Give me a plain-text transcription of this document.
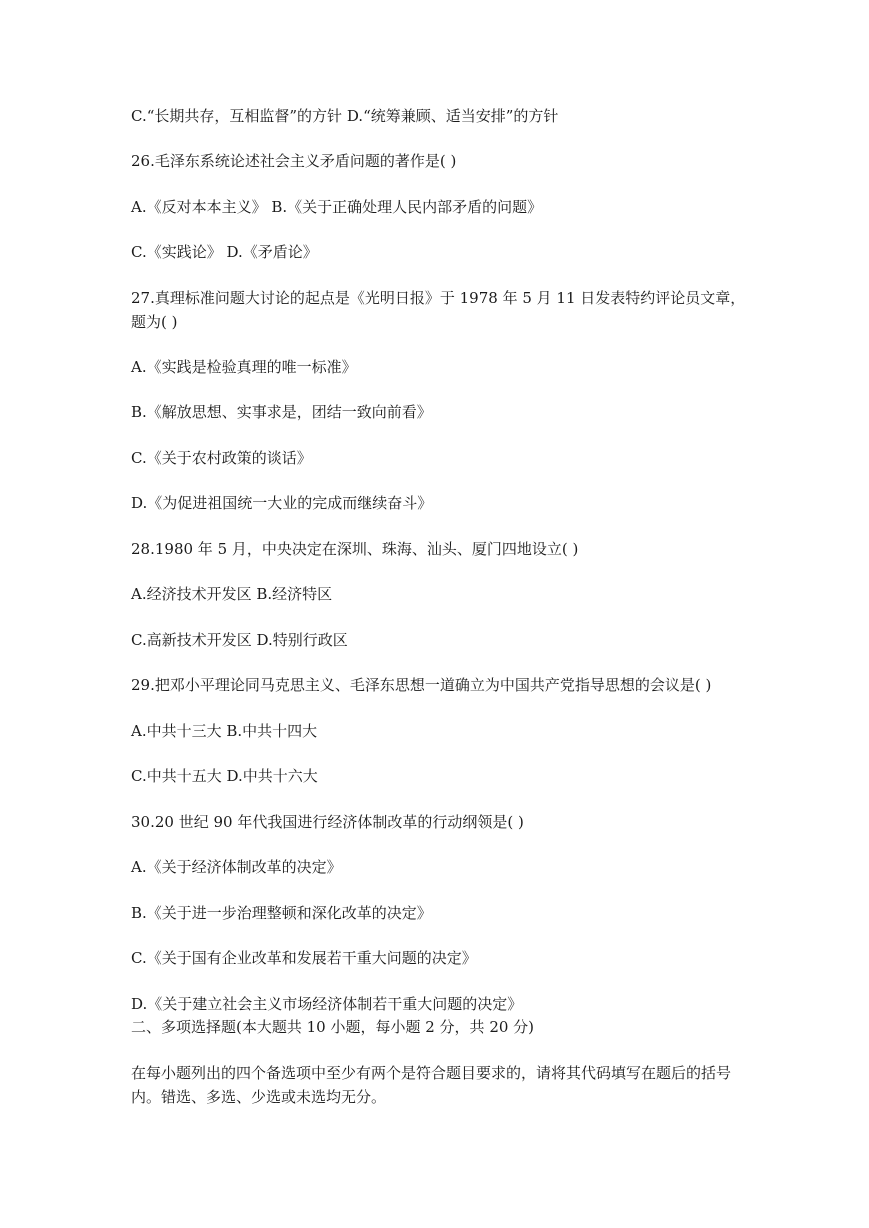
C.“长期共存，互相监督”的方针 D.“统筹兼顾、适当安排”的方针
26.毛泽东系统论述社会主义矛盾问题的著作是( )
A.《反对本本主义》 B.《关于正确处理人民内部矛盾的问题》
C.《实践论》 D.《矛盾论》
27.真理标准问题大讨论的起点是《光明日报》于 1978 年 5 月 11 日发表特约评论员文章，题为( )
A.《实践是检验真理的唯一标准》
B.《解放思想、实事求是，团结一致向前看》
C.《关于农村政策的谈话》
D.《为促进祖国统一大业的完成而继续奋斗》
28.1980 年 5 月，中央决定在深圳、珠海、汕头、厦门四地设立( )
A.经济技术开发区 B.经济特区
C.高新技术开发区 D.特别行政区
29.把邓小平理论同马克思主义、毛泽东思想一道确立为中国共产党指导思想的会议是( )
A.中共十三大 B.中共十四大
C.中共十五大 D.中共十六大
30.20 世纪 90 年代我国进行经济体制改革的行动纲领是( )
A.《关于经济体制改革的决定》
B.《关于进一步治理整顿和深化改革的决定》
C.《关于国有企业改革和发展若干重大问题的决定》
D.《关于建立社会主义市场经济体制若干重大问题的决定》
二、多项选择题(本大题共 10 小题，每小题 2 分，共 20 分)
在每小题列出的四个备选项中至少有两个是符合题目要求的，请将其代码填写在题后的括号内。错选、多选、少选或未选均无分。
